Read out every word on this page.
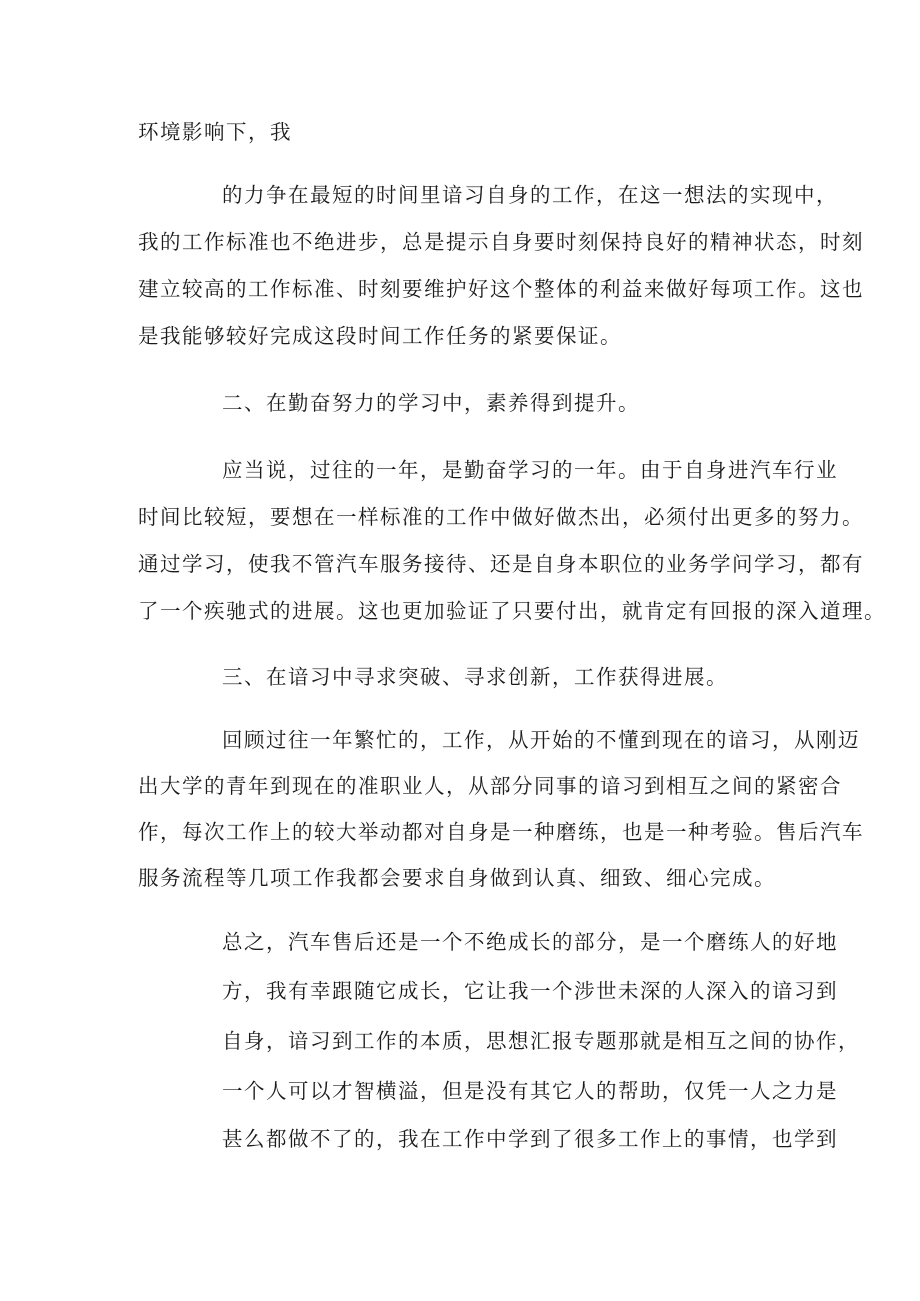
环境影响下，我
的力争在最短的时间里谙习自身的工作，在这一想法的实现中，
我的工作标准也不绝进步，总是提示自身要时刻保持良好的精神状态，时刻
建立较高的工作标准、时刻要维护好这个整体的利益来做好每项工作。这也
是我能够较好完成这段时间工作任务的紧要保证。
二、在勤奋努力的学习中，素养得到提升。
应当说，过往的一年，是勤奋学习的一年。由于自身进汽车行业
时间比较短，要想在一样标准的工作中做好做杰出，必须付出更多的努力。
通过学习，使我不管汽车服务接待、还是自身本职位的业务学问学习，都有
了一个疾驰式的进展。这也更加验证了只要付出，就肯定有回报的深入道理。
三、在谙习中寻求突破、寻求创新，工作获得进展。
回顾过往一年繁忙的，工作，从开始的不懂到现在的谙习，从刚迈
出大学的青年到现在的准职业人，从部分同事的谙习到相互之间的紧密合
作，每次工作上的较大举动都对自身是一种磨练，也是一种考验。售后汽车
服务流程等几项工作我都会要求自身做到认真、细致、细心完成。
总之，汽车售后还是一个不绝成长的部分，是一个磨练人的好地
方，我有幸跟随它成长，它让我一个涉世未深的人深入的谙习到
自身，谙习到工作的本质，思想汇报专题那就是相互之间的协作，
一个人可以才智横溢，但是没有其它人的帮助，仅凭一人之力是
甚么都做不了的，我在工作中学到了很多工作上的事情，也学到
